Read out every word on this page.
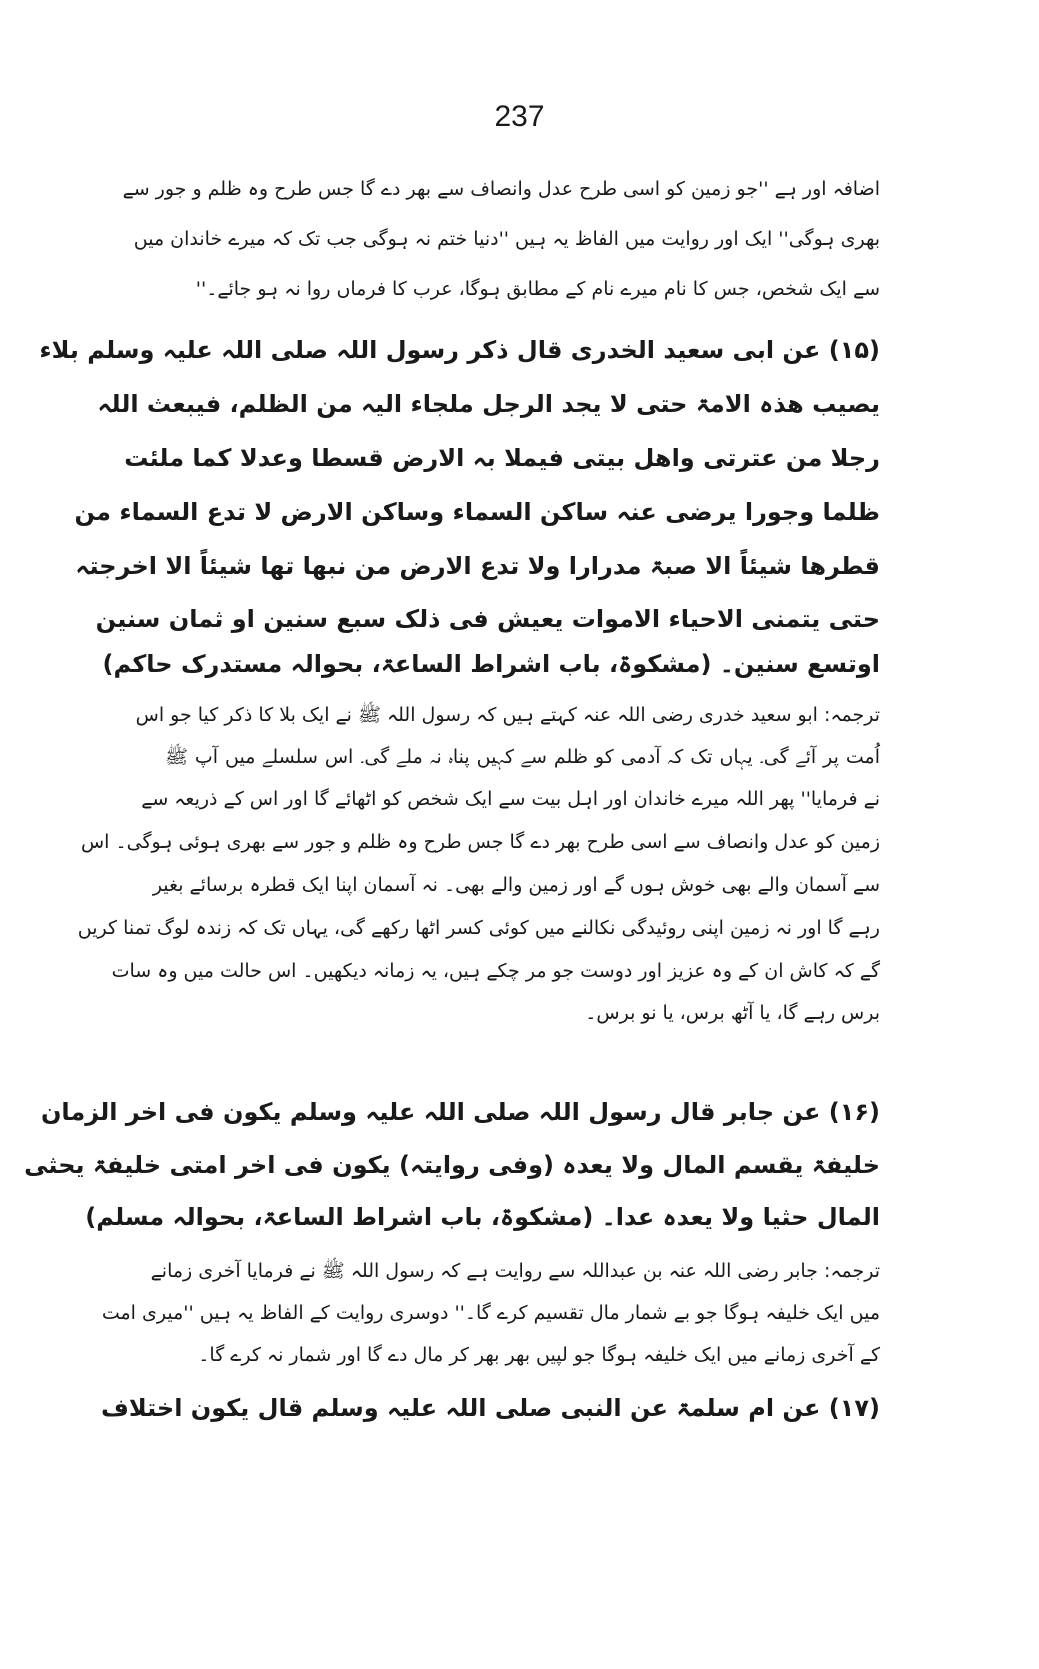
237
اضافہ اور ہے ''جو زمین کو اسی طرح عدل وانصاف سے بھر دے گا جس طرح وہ ظلم و جور سے
بھری ہوگی'' ایک اور روایت میں الفاظ یہ ہیں ''دنیا ختم نہ ہوگی جب تک کہ میرے خاندان میں
سے ایک شخص، جس کا نام میرے نام کے مطابق ہوگا، عرب کا فرماں روا نہ ہو جائے۔''
(۱۵) عن ابی سعید الخدری قال ذکر رسول اللہ صلی اللہ علیہ وسلم بلاء
یصیب ھذہ الامۃ حتی لا یجد الرجل ملجاء الیہ من الظلم، فیبعث اللہ
رجلا من عترتی واھل بیتی فیملا بہ الارض قسطا وعدلا کما ملئت
ظلما وجورا یرضی عنہ ساکن السماء وساکن الارض لا تدع السماء من
قطرھا شیئاً الا صبۃ مدرارا ولا تدع الارض من نبھا تھا شیئاً الا اخرجتہ
حتی یتمنی الاحیاء الاموات یعیش فی ذلک سبع سنین او ثمان سنین
اوتسع سنین۔ (مشکوۃ، باب اشراط الساعۃ، بحوالہ مستدرک حاکم)
ترجمہ: ابو سعید خدری رضی اللہ عنہ کہتے ہیں کہ رسول اللہ ﷺ نے ایک بلا کا ذکر کیا جو اس
اُمت پر آئے گی۔ یہاں تک کہ آدمی کو ظلم سے کہیں پناہ نہ ملے گی۔ اس سلسلے میں آپ ﷺ
نے فرمایا'' پھر اللہ میرے خاندان اور اہل بیت سے ایک شخص کو اٹھائے گا اور اس کے ذریعہ سے
زمین کو عدل وانصاف سے اسی طرح بھر دے گا جس طرح وہ ظلم و جور سے بھری ہوئی ہوگی۔ اس
سے آسمان والے بھی خوش ہوں گے اور زمین والے بھی۔ نہ آسمان اپنا ایک قطرہ برسائے بغیر
رہے گا اور نہ زمین اپنی روئیدگی نکالنے میں کوئی کسر اٹھا رکھے گی، یہاں تک کہ زندہ لوگ تمنا کریں
گے کہ کاش ان کے وہ عزیز اور دوست جو مر چکے ہیں، یہ زمانہ دیکھیں۔ اس حالت میں وہ سات
برس رہے گا، یا آٹھ برس، یا نو برس۔
(۱۶) عن جابر قال رسول اللہ صلی اللہ علیہ وسلم یکون فی اخر الزمان
خلیفۃ یقسم المال ولا یعدہ (وفی روایتہ) یکون فی اخر امتی خلیفۃ یحثی
المال حثیا ولا یعدہ عدا۔ (مشکوۃ، باب اشراط الساعۃ، بحوالہ مسلم)
ترجمہ: جابر رضی اللہ عنہ بن عبداللہ سے روایت ہے کہ رسول اللہ ﷺ نے فرمایا آخری زمانے
میں ایک خلیفہ ہوگا جو بے شمار مال تقسیم کرے گا۔'' دوسری روایت کے الفاظ یہ ہیں ''میری امت
کے آخری زمانے میں ایک خلیفہ ہوگا جو لپیں بھر بھر کر مال دے گا اور شمار نہ کرے گا۔
(۱۷) عن ام سلمۃ عن النبی صلی اللہ علیہ وسلم قال یکون اختلاف
